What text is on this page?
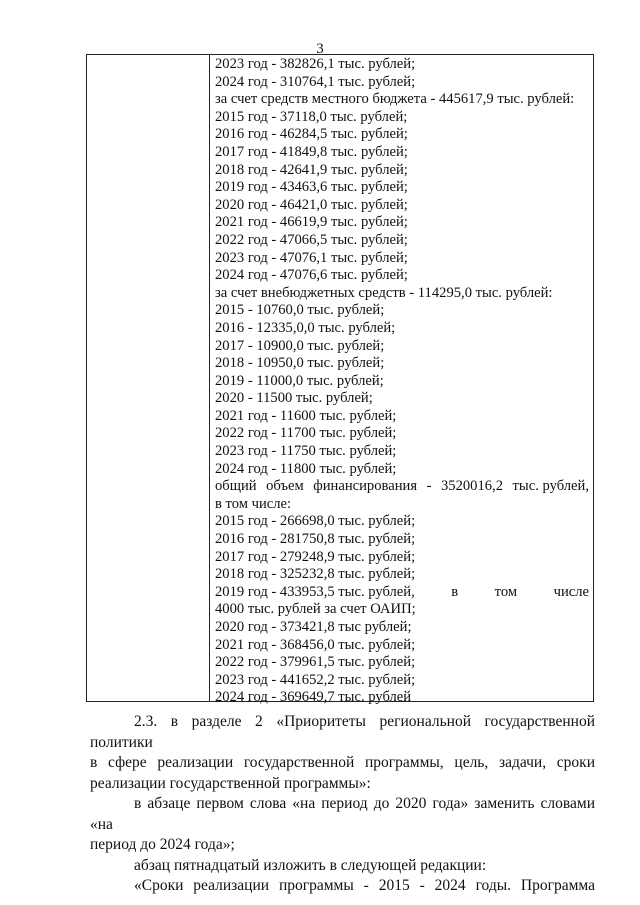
3
2023 год - 382826,1 тыс. рублей;
2024 год - 310764,1 тыс. рублей;
за счет средств местного бюджета - 445617,9 тыс. рублей:
2015 год - 37118,0 тыс. рублей;
2016 год - 46284,5 тыс. рублей;
2017 год - 41849,8 тыс. рублей;
2018 год - 42641,9 тыс. рублей;
2019 год - 43463,6 тыс. рублей;
2020 год - 46421,0 тыс. рублей;
2021 год - 46619,9 тыс. рублей;
2022 год - 47066,5 тыс. рублей;
2023 год - 47076,1 тыс. рублей;
2024 год - 47076,6 тыс. рублей;
за счет внебюджетных средств - 114295,0 тыс. рублей:
2015 - 10760,0 тыс. рублей;
2016 - 12335,0,0 тыс. рублей;
2017 - 10900,0 тыс. рублей;
2018 - 10950,0 тыс. рублей;
2019 - 11000,0 тыс. рублей;
2020 - 11500 тыс. рублей;
2021 год - 11600 тыс. рублей;
2022 год - 11700 тыс. рублей;
2023 год - 11750 тыс. рублей;
2024 год - 11800 тыс. рублей;
общий объем финансирования - 3520016,2 тыс. рублей,
в том числе:
2015 год - 266698,0 тыс. рублей;
2016 год - 281750,8 тыс. рублей;
2017 год - 279248,9 тыс. рублей;
2018 год - 325232,8 тыс. рублей;
2019 год - 433953,5 тыс. рублей,	в	том	числе
4000 тыс. рублей за счет ОАИП;
2020 год - 373421,8 тыс рублей;
2021 год - 368456,0 тыс. рублей;
2022 год - 379961,5 тыс. рублей;
2023 год - 441652,2 тыс. рублей;
2024 год - 369649,7 тыс. рублей
2.3. в разделе 2 «Приоритеты региональной государственной политики
в сфере реализации государственной программы, цель, задачи, сроки
реализации государственной программы»:
в абзаце первом слова «на период до 2020 года» заменить словами «на
период до 2024 года»;
абзац пятнадцатый изложить в следующей редакции:
«Сроки реализации программы - 2015 - 2024 годы. Программа
